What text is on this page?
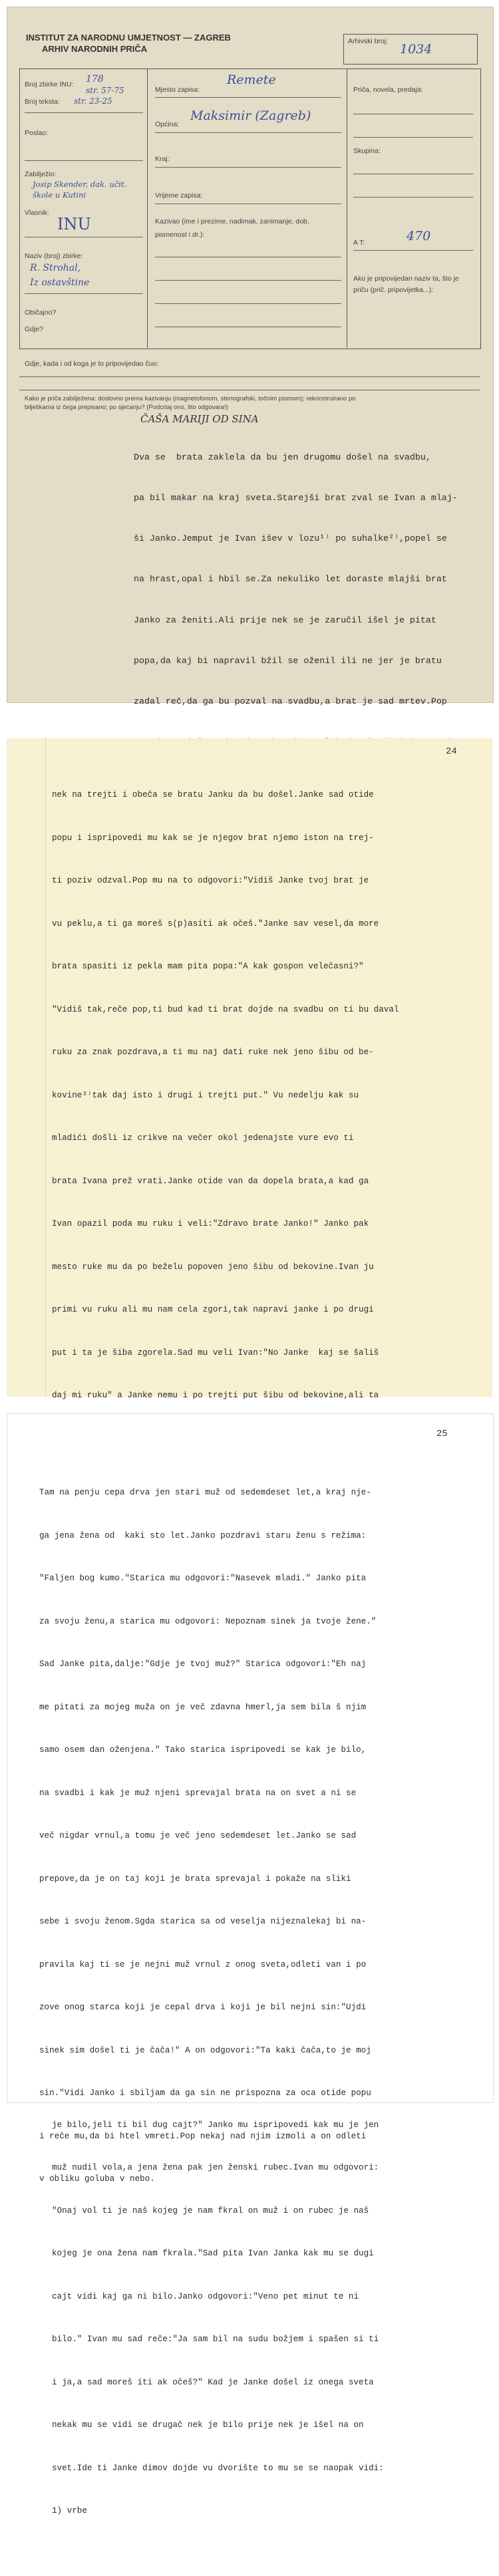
INSTITUT ZA NARODNU UMJETNOST — ZAGREB
ARHIV NARODNIH PRIČA
Arhivski broj:
1034
Broj zbirke INU: 178
str. 57-75
Broj teksta: str. 23-25
Poslao:
Zabilježio:
Josip Skender, dak. učit. škole u Kutini
Vlasnik:
INU
Naziv (broj) zbirke:
R. Strohal,
Iz ostavštine
Običajno?
Gdje?
Mjesto zapisa:
Remete
Općina:
Maksimir (Zagreb)
Kraj:
Vrijeme zapisa:
Kazivao (ime i prezime, nadimak, zanimanje, dob, pismenost i dr.):
Priča, novela, predaja:
Skupina:
A T:	470
Ako je pripovijedan naziv ta, što je priču (prič. pripovijetka...):
Gdje, kada i od koga je to pripovijedao čuo:
Kako je priča zabilježena: doslovno prema kazivanju (magnetofonom, stenografski, točnim pismom); rekonstruirano po
bilješkama iz čega prepisano; po sjećanju? (Podcrtaj ono, što odgovara!)
ČAŠA MARIJI OD SINA

Dva se  brata zaklela da bu jen drugomu došel na svadbu,

pa bil makar na kraj sveta.Starejši brat zval se Ivan a mlaj-

ši Janko.Jemput je Ivan išev v lozu¹⁾ po suhalke²⁾,popel se

na hrast,opal i hbil se.Za nekuliko let doraste mlajši brat

Janko za ženiti.Ali prije nek se je zaručil išel je pitat

popa,da kaj bi napravil bžil se oženil ili ne jer je bratu

zadal reč,da ga bu pozval na svadbu,a brat je sad mrtev.Pop

24

nek na trejti i obeča se bratu Janku da bu došel.Janke sad otide

popu i ispripovedi mu kak se je njegov brat njemo iston na trej-

ti poziv odzval.Pop mu na to odgovori:"Vidiš Janke tvoj brat je

vu peklu,a ti ga moreš s(p)asiti ak očeš."Janke sav vesel,da more

brata spasiti iz pekla mam pita popa:"A kak gospon velečasni?"

"Vidiš tak,reče pop,ti bud kad ti brat dojde na svadbu on ti bu daval

ruku za znak pozdrava,a ti mu naj dati ruke nek jeno šibu od be-

kovine³⁾tak daj isto i drugi i trejti put." Vu nedelju kak su

mladići došli iz crikve na večer okol jedenajste vure evo ti

brata Ivana prež vrati.Janke otide van da dopela brata,a kad ga

Ivan opazil poda mu ruku i veli:"Zdravo brate Janko!" Janko pak

mesto ruke mu da po beželu popoven jeno šibu od bekovine.Ivan ju

primi vu ruku ali mu nam cela zgori,tak napravi janke i po drugi

put i ta je šiba zgorela.Sad mu veli Ivan:"No Janke  kaj se šališ

daj mi ruku" a Janke nemu i po trejti put šibu od bekovine,ali ta

je bilo,jeli ti bil dug cajt?" Janko mu ispripovedi kak mu je jen

muž nudil vola,a jena žena pak jen ženski rubec.Ivan mu odgovori:

"Onaj vol ti je naš kojeg je nam fkral on muž i on rubec je naš

kojeg je ona žena nam fkrala."Sad pita Ivan Janka kak mu se dugi

cajt vidi kaj ga ni bilo.Janko odgovori:"Veno pet minut te ni

bilo." Ivan mu sad reče:"Ja sam bil na sudu božjem i spašen si ti

i ja,a sad moreš iti ak očeš?" Kad je Janke došel iz onega sveta

nekak mu se vidi se drugač nek je bilo prije nek je išel na on

svet.Ide ti Janke dimov dojde vu dvorište to mu se se naopak vidi:

1) vrbe

25

Tam na penju cepa drva jen stari muž od sedemdeset let,a kraj nje-

ga jena žena od  kaki sto let.Janko pozdravi staru ženu s režima:

"Faljen bog kumo."Starica mu odgovori:"Nasevek mladi." Janko pita

za svoju ženu,a starica mu odgovori: Nepoznam sinek ja tvoje žene."

Sad Janke pita,dalje:"Gdje je tvoj muž?" Starica odgovori:"Eh naj

me pitati za mojeg muža on je več zdavna hmerl,ja sem bila š njim

samo osem dan oženjena." Tako starica ispripovedi se kak je bilo,

na svadbi i kak je muž njeni sprevajal brata na on svet a ni se

več nigdar vrnul,a tomu je več jeno sedemdeset let.Janko se sad

prepove,da je on taj koji je brata sprevajal i pokaže na sliki

sebe i svoju ženom.Sgda starica sa od veselja nijeznalekaj bi na-

pravila kaj ti se je nejni muž vrnul z onog sveta,odleti van i po

zove onog starca koji je cepal drva i koji je bil nejni sin:"Ujdi

sinek sim došel ti je čača!" A on odgovori:"Ta kaki čača,to je moj

sin."Vidi Janko i sbiljam da ga sin ne prispozna za oca otide popu

i reče mu,da bi htel vmreti.Pop nekaj nad njim izmoli a on odleti

v obliku goluba v nebo.
